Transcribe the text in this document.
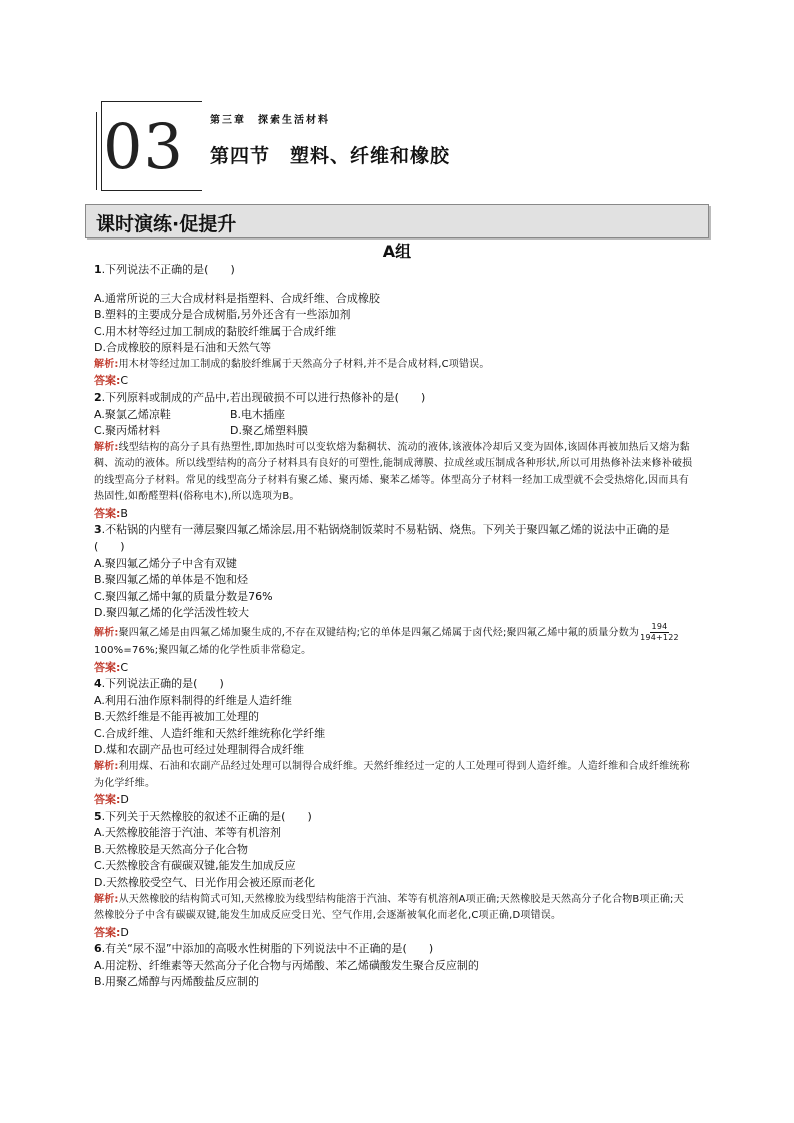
03	第三章　探索生活材料
第四节　塑料、纤维和橡胶
课时演练·促提升
A组

1.下列说法不正确的是(　　)

A.通常所说的三大合成材料是指塑料、合成纤维、合成橡胶

B.塑料的主要成分是合成树脂,另外还含有一些添加剂

C.用木材等经过加工制成的黏胶纤维属于合成纤维

D.合成橡胶的原料是石油和天然气等

解析:用木材等经过加工制成的黏胶纤维属于天然高分子材料,并不是合成材料,C项错误。

答案:C

2.下列原料或制成的产品中,若出现破损不可以进行热修补的是(　　)

A.聚氯乙烯凉鞋	B.电木插座
C.聚丙烯材料	D.聚乙烯塑料膜

解析:线型结构的高分子具有热塑性,即加热时可以变软熔为黏稠状、流动的液体,该液体冷却后又变为固体,该固体再被加热后又熔为黏稠、流动的液体。所以线型结构的高分子材料具有良好的可塑性,能制成薄膜、拉成丝或压制成各种形状,所以可用热修补法来修补破损的线型高分子材料。常见的线型高分子材料有聚乙烯、聚丙烯、聚苯乙烯等。体型高分子材料一经加工成型就不会受热熔化,因而具有热固性,如酚醛塑料(俗称电木),所以选项为B。

答案:B

3.不粘锅的内壁有一薄层聚四氟乙烯涂层,用不粘锅烧制饭菜时不易粘锅、烧焦。下列关于聚四氟乙烯的说法中正确的是(　　)

A.聚四氟乙烯分子中含有双键

B.聚四氟乙烯的单体是不饱和烃

C.聚四氟乙烯中氟的质量分数是76%

D.聚四氟乙烯的化学活泼性较大

解析:聚四氟乙烯是由四氟乙烯加聚生成的,不存在双键结构;它的单体是四氟乙烯属于卤代烃;聚四氟乙烯中氟的质量分数为 $\frac{194}{194+122}$
100%=76%;聚四氟乙烯的化学性质非常稳定。

答案:C

4.下列说法正确的是(　　)

A.利用石油作原料制得的纤维是人造纤维

B.天然纤维是不能再被加工处理的

C.合成纤维、人造纤维和天然纤维统称化学纤维

D.煤和农副产品也可经过处理制得合成纤维

解析:利用煤、石油和农副产品经过处理可以制得合成纤维。天然纤维经过一定的人工处理可得到人造纤维。人造纤维和合成纤维统称为化学纤维。

答案:D

5.下列关于天然橡胶的叙述不正确的是(　　)

A.天然橡胶能溶于汽油、苯等有机溶剂

B.天然橡胶是天然高分子化合物

C.天然橡胶含有碳碳双键,能发生加成反应

D.天然橡胶受空气、日光作用会被还原而老化

解析:从天然橡胶的结构简式可知,天然橡胶为线型结构能溶于汽油、苯等有机溶剂A项正确;天然橡胶是天然高分子化合物B项正确;天然橡胶分子中含有碳碳双键,能发生加成反应受日光、空气作用,会逐渐被氧化而老化,C项正确,D项错误。

答案:D

6.有关“尿不湿”中添加的高吸水性树脂的下列说法中不正确的是(　　)

A.用淀粉、纤维素等天然高分子化合物与丙烯酸、苯乙烯磺酸发生聚合反应制的

B.用聚乙烯醇与丙烯酸盐反应制的
